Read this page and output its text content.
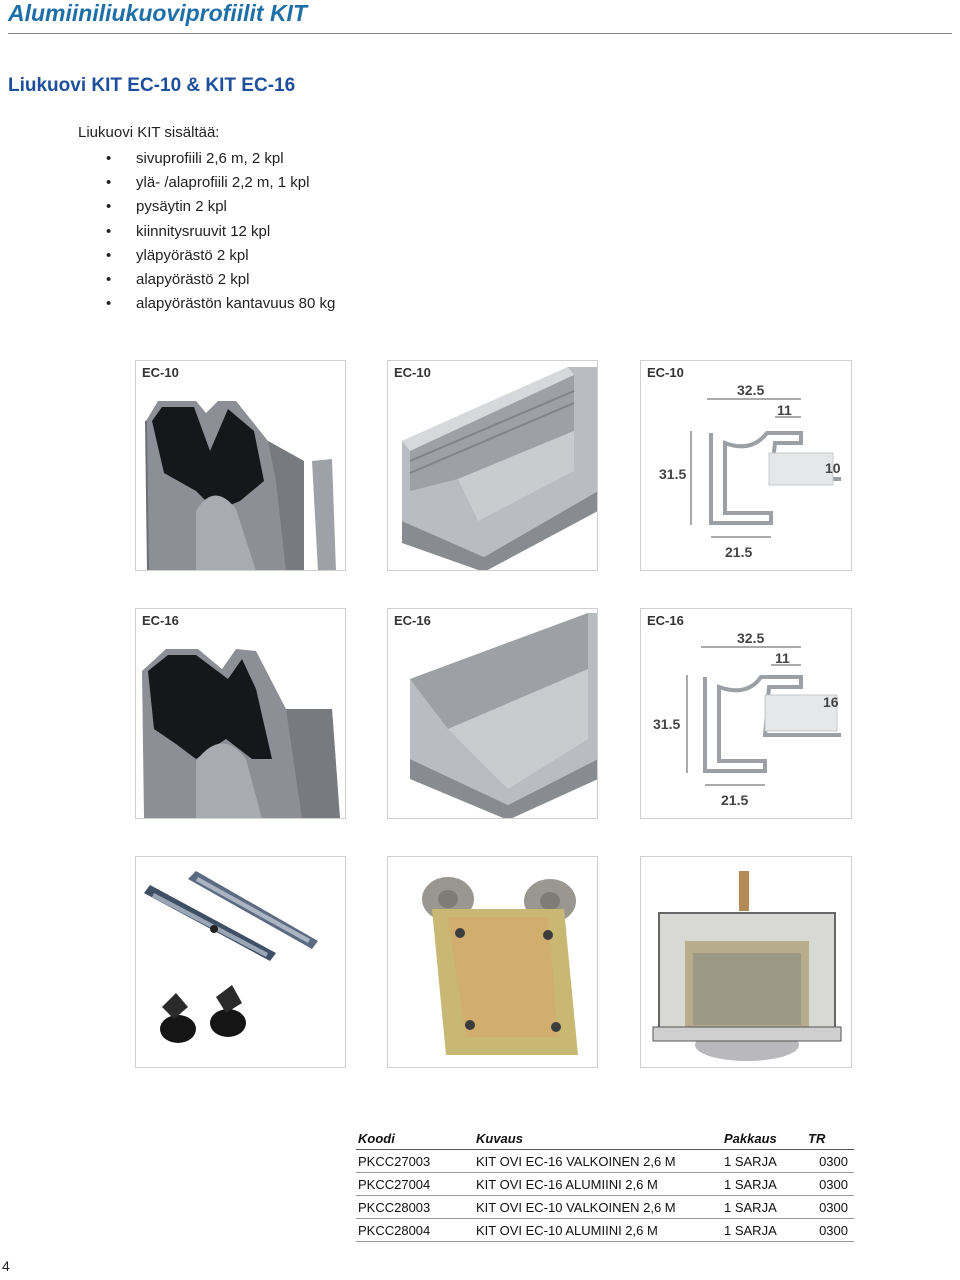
Alumiiniliukuoviprofiilit KIT
Liukuovi KIT EC-10 & KIT EC-16
Liukuovi KIT sisältää:
• sivuprofiili 2,6 m, 2 kpl
• ylä- /alaprofiili 2,2 m, 1 kpl
• pysäytin 2 kpl
• kiinnitysruuvit 12 kpl
• yläpyörästö 2 kpl
• alapyörästö 2 kpl
• alapyörästön kantavuus 80 kg
EC-10	EC-10	EC-10
32.5
11
31.5	10
21.5
EC-16	EC-16	EC-16
32.5
11
31.5
16
21.5
Koodi	Kuvaus	Pakkaus	TR
PKCC27003	KIT OVI EC-16 VALKOINEN 2,6 M	1 SARJA	0300
PKCC27004	KIT OVI EC-16 ALUMIINI 2,6 M	1 SARJA	0300
PKCC28003	KIT OVI EC-10 VALKOINEN 2,6 M	1 SARJA	0300
PKCC28004	KIT OVI EC-10 ALUMIINI 2,6 M	1 SARJA	0300
4
